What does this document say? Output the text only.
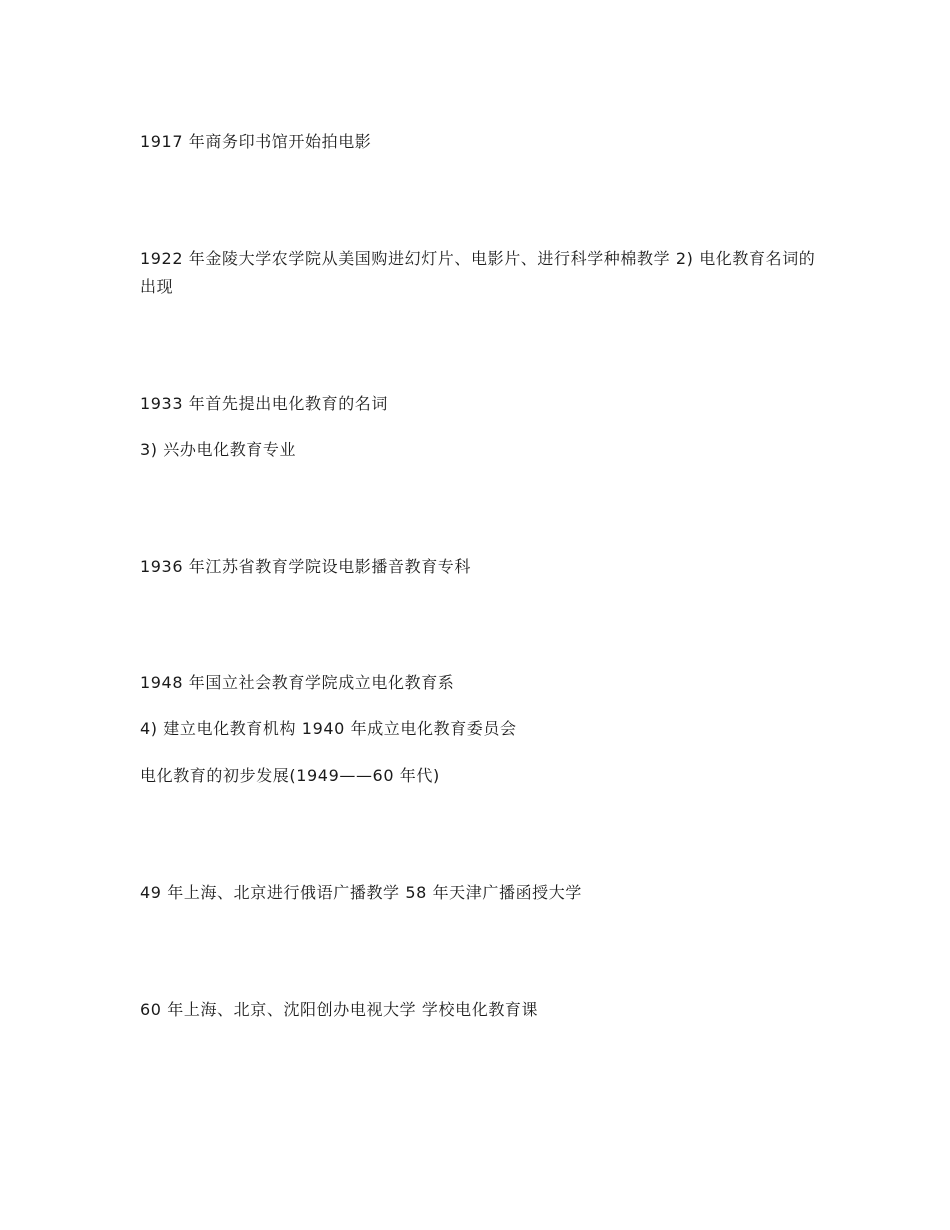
1917 年商务印书馆开始拍电影

1922 年金陵大学农学院从美国购进幻灯片、电影片、进行科学种棉教学 2) 电化教育名词的出现

1933 年首先提出电化教育的名词

3) 兴办电化教育专业

1936 年江苏省教育学院设电影播音教育专科

1948 年国立社会教育学院成立电化教育系

4) 建立电化教育机构 1940 年成立电化教育委员会

电化教育的初步发展(1949——60 年代)

49 年上海、北京进行俄语广播教学 58 年天津广播函授大学

60 年上海、北京、沈阳创办电视大学 学校电化教育课
